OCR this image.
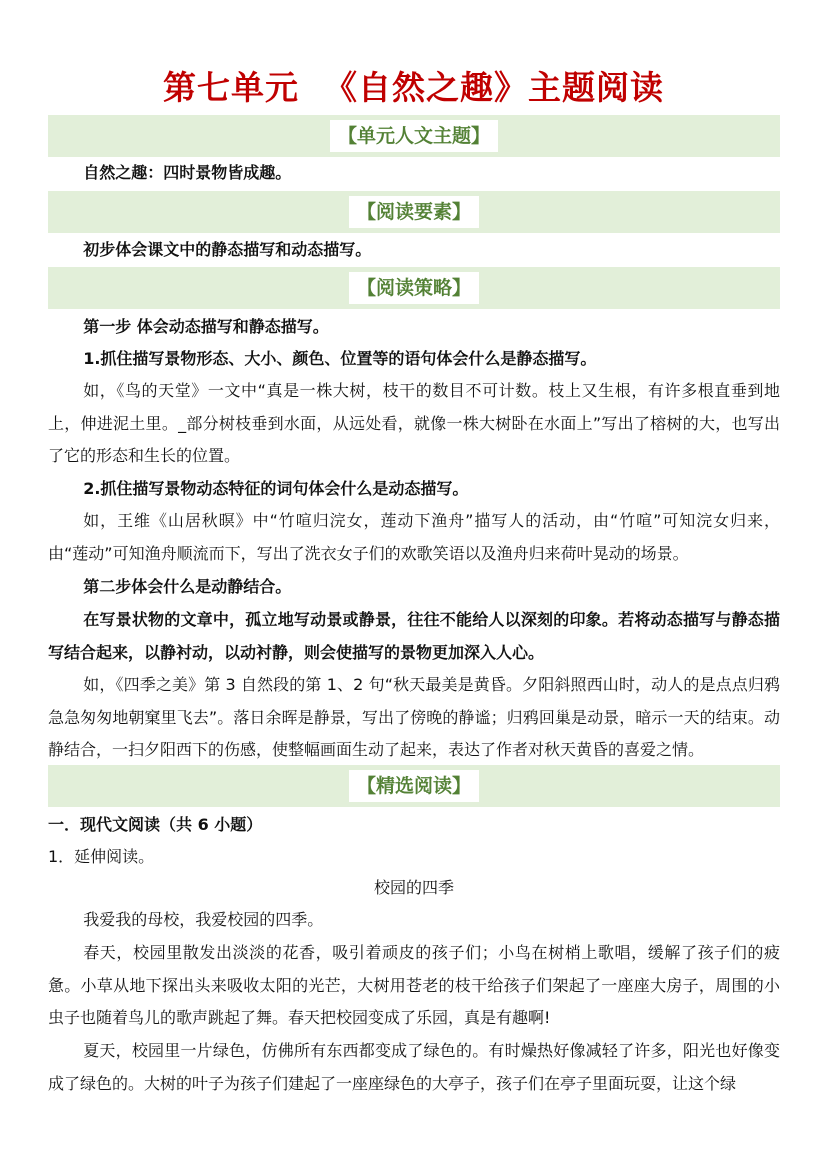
第七单元  《自然之趣》主题阅读
【单元人文主题】
自然之趣：四时景物皆成趣。
【阅读要素】
初步体会课文中的静态描写和动态描写。
【阅读策略】
第一步 体会动态描写和静态描写。
1.抓住描写景物形态、大小、颜色、位置等的语句体会什么是静态描写。
如，《鸟的天堂》一文中“真是一株大树，枝干的数目不可计数。枝上又生根，有许多根直垂到地上，伸进泥土里。_部分树枝垂到水面，从远处看，就像一株大树卧在水面上”写出了榕树的大，也写出了它的形态和生长的位置。
2.抓住描写景物动态特征的词句体会什么是动态描写。
如，王维《山居秋暝》中“竹喧归浣女，莲动下渔舟”描写人的活动，由“竹喧”可知浣女归来，由“莲动”可知渔舟顺流而下，写出了洗衣女子们的欢歌笑语以及渔舟归来荷叶晃动的场景。
第二步体会什么是动静结合。
在写景状物的文章中，孤立地写动景或静景，往往不能给人以深刻的印象。若将动态描写与静态描写结合起来，以静衬动，以动衬静，则会使描写的景物更加深入人心。
如，《四季之美》第 3 自然段的第 1、2 句“秋天最美是黄昏。夕阳斜照西山时，动人的是点点归鸦急急匆匆地朝窠里飞去”。落日余晖是静景，写出了傍晚的静谧；归鸦回巢是动景，暗示一天的结束。动静结合，一扫夕阳西下的伤感，使整幅画面生动了起来，表达了作者对秋天黄昏的喜爱之情。
【精选阅读】
一．现代文阅读（共 6 小题）
1．延伸阅读。
校园的四季
我爱我的母校，我爱校园的四季。
春天，校园里散发出淡淡的花香，吸引着顽皮的孩子们；小鸟在树梢上歌唱，缓解了孩子们的疲惫。小草从地下探出头来吸收太阳的光芒，大树用苍老的枝干给孩子们架起了一座座大房子，周围的小虫子也随着鸟儿的歌声跳起了舞。春天把校园变成了乐园，真是有趣啊!
夏天，校园里一片绿色，仿佛所有东西都变成了绿色的。有时燥热好像减轻了许多，阳光也好像变成了绿色的。大树的叶子为孩子们建起了一座座绿色的大亭子，孩子们在亭子里面玩耍，让这个绿
